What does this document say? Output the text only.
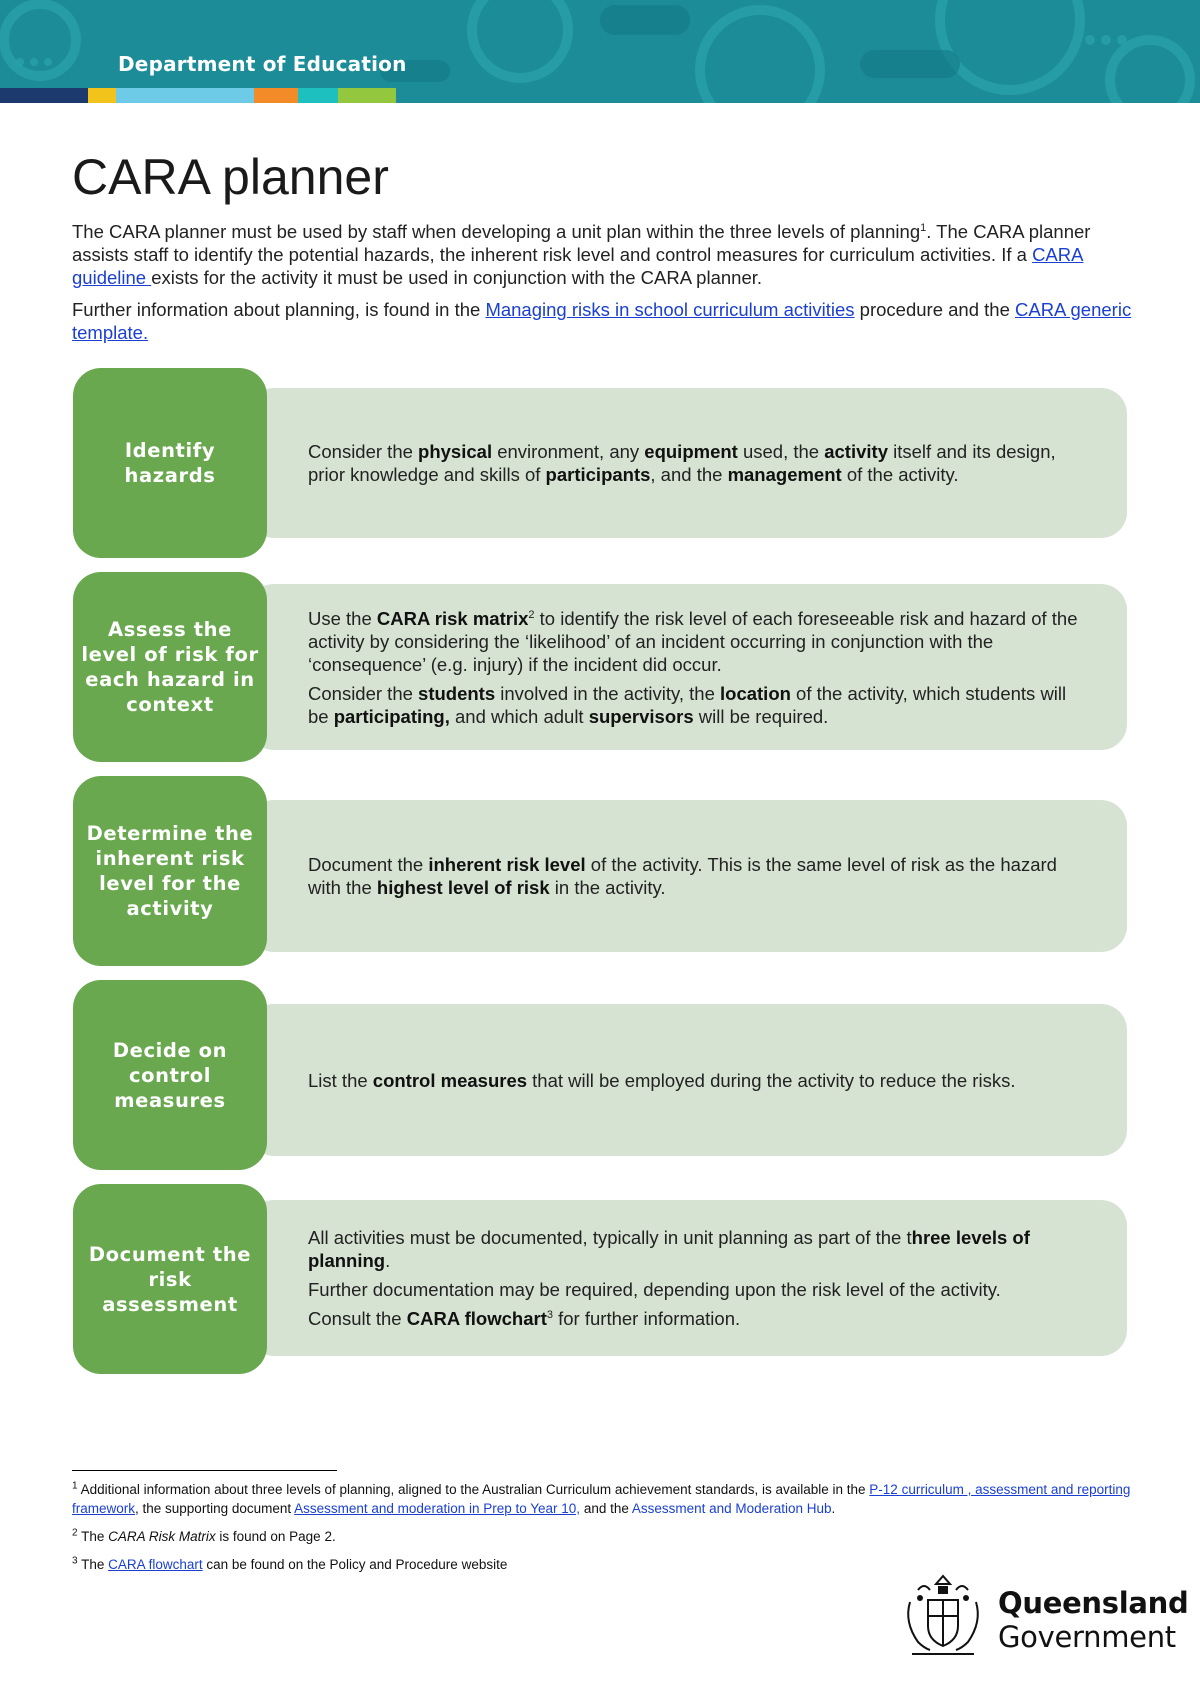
Department of Education
CARA planner

The CARA planner must be used by staff when developing a unit plan within the three levels of planning$^1$. The CARA planner assists staff to identify the potential hazards, the inherent risk level and control measures for curriculum activities. If a CARA guideline exists for the activity it must be used in conjunction with the CARA planner.

Further information about planning, is found in the Managing risks in school curriculum activities procedure and the CARA generic template.

Identify hazards

Consider the physical environment, any equipment used, the activity itself and its design, prior knowledge and skills of participants, and the management of the activity.

Assess the level of risk for each hazard in context

Use the CARA risk matrix$^2$ to identify the risk level of each foreseeable risk and hazard of the activity by considering the ‘likelihood’ of an incident occurring in conjunction with the ‘consequence’ (e.g. injury) if the incident did occur.

Consider the students involved in the activity, the location of the activity, which students will be participating, and which adult supervisors will be required.

Determine the inherent risk level for the activity

Document the inherent risk level of the activity. This is the same level of risk as the hazard with the highest level of risk in the activity.

Decide on control measures

List the control measures that will be employed during the activity to reduce the risks.

Document the risk assessment

All activities must be documented, typically in unit planning as part of the three levels of planning.

Further documentation may be required, depending upon the risk level of the activity.

Consult the CARA flowchart$^3$ for further information.

$^1$ Additional information about three levels of planning, aligned to the Australian Curriculum achievement standards, is available in the P-12 curriculum , assessment and reporting framework, the supporting document Assessment and moderation in Prep to Year 10, and the Assessment and Moderation Hub.

$^2$ The CARA Risk Matrix is found on Page 2.

$^3$ The CARA flowchart can be found on the Policy and Procedure website

Queensland
Government
